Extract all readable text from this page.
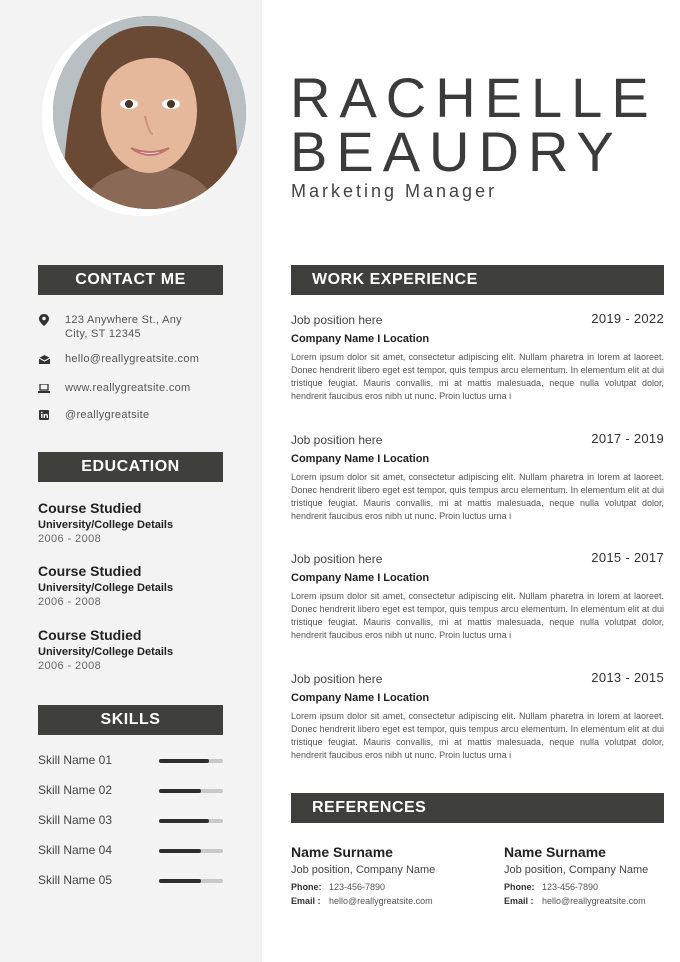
RACHELLE
BEAUDRY
Marketing Manager
CONTACT ME
123 Anywhere St., Any
City, ST 12345
hello@reallygreatsite.com
www.reallygreatsite.com
@reallygreatsite
EDUCATION
Course Studied
University/College Details
2006 - 2008
Course Studied
University/College Details
2006 - 2008
Course Studied
University/College Details
2006 - 2008
SKILLS
Skill Name 01
Skill Name 02
Skill Name 03
Skill Name 04
Skill Name 05
WORK EXPERIENCE
Job position here	2019 - 2022
Company Name I Location
Lorem ipsum dolor sit amet, consectetur adipiscing elit. Nullam pharetra in lorem at laoreet. Donec hendrerit libero eget est tempor, quis tempus arcu elementum. In elementum elit at dui tristique feugiat. Mauris convallis, mi at mattis malesuada, neque nulla volutpat dolor, hendrerit faucibus eros nibh ut nunc. Proin luctus urna i
Job position here	2017 - 2019
Company Name I Location
Lorem ipsum dolor sit amet, consectetur adipiscing elit. Nullam pharetra in lorem at laoreet. Donec hendrerit libero eget est tempor, quis tempus arcu elementum. In elementum elit at dui tristique feugiat. Mauris convallis, mi at mattis malesuada, neque nulla volutpat dolor, hendrerit faucibus eros nibh ut nunc. Proin luctus urna i
Job position here	2015 - 2017
Company Name I Location
Lorem ipsum dolor sit amet, consectetur adipiscing elit. Nullam pharetra in lorem at laoreet. Donec hendrerit libero eget est tempor, quis tempus arcu elementum. In elementum elit at dui tristique feugiat. Mauris convallis, mi at mattis malesuada, neque nulla volutpat dolor, hendrerit faucibus eros nibh ut nunc. Proin luctus urna i
Job position here	2013 - 2015
Company Name I Location
Lorem ipsum dolor sit amet, consectetur adipiscing elit. Nullam pharetra in lorem at laoreet. Donec hendrerit libero eget est tempor, quis tempus arcu elementum. In elementum elit at dui tristique feugiat. Mauris convallis, mi at mattis malesuada, neque nulla volutpat dolor, hendrerit faucibus eros nibh ut nunc. Proin luctus urna i
REFERENCES
Name Surname
Job position, Company Name
Phone: 123-456-7890
Email : hello@reallygreatsite.com
Name Surname
Job position, Company Name
Phone: 123-456-7890
Email : hello@reallygreatsite.com
